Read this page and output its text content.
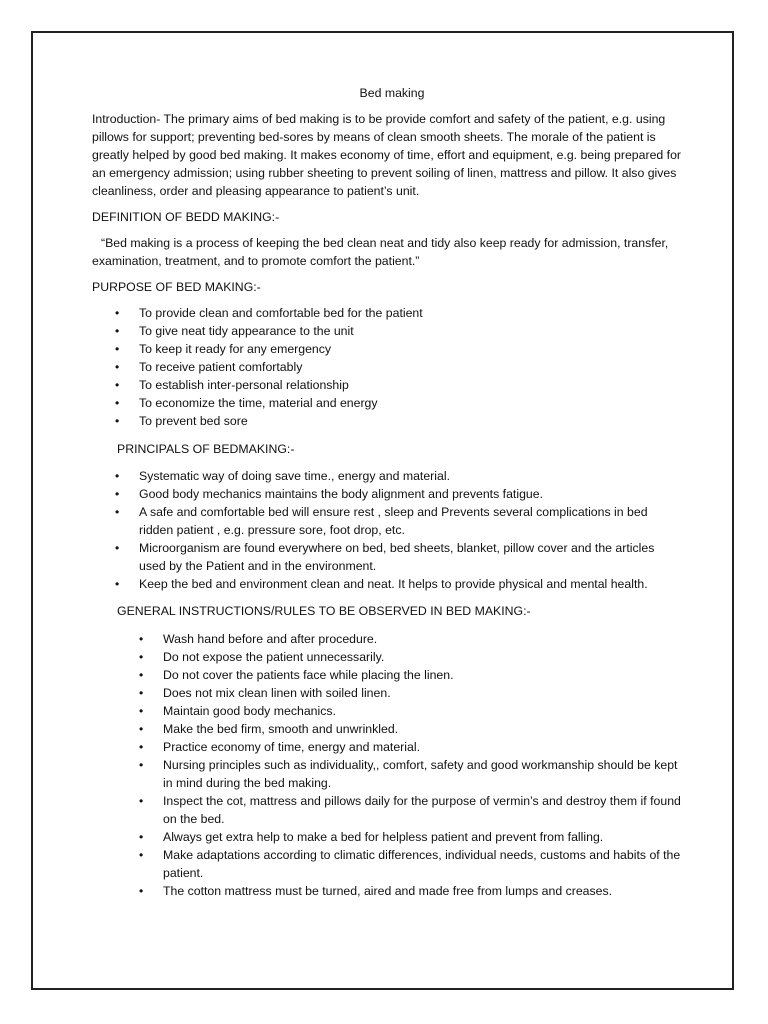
Bed making

Introduction- The primary aims of bed making is to be provide comfort and safety of the patient, e.g. using pillows for support; preventing bed-sores by means of clean smooth sheets. The morale of the patient is greatly helped by good bed making. It makes economy of time, effort and equipment, e.g. being prepared for an emergency admission; using rubber sheeting to prevent soiling of linen, mattress and pillow. It also gives cleanliness, order and pleasing appearance to patient’s unit.

DEFINITION OF BEDD MAKING:-

“Bed making is a process of keeping the bed clean neat and tidy also keep ready for admission, transfer, examination, treatment, and to promote comfort the patient.”

PURPOSE OF BED MAKING:-

• To provide clean and comfortable bed for the patient
• To give neat tidy appearance to the unit
• To keep it ready for any emergency
• To receive patient comfortably
• To establish inter-personal relationship
• To economize the time, material and energy
• To prevent bed sore

PRINCIPALS OF BEDMAKING:-

• Systematic way of doing save time., energy and material.
• Good body mechanics maintains the body alignment and prevents fatigue.
• A safe and comfortable bed will ensure rest , sleep and Prevents several complications in bed ridden patient , e.g. pressure sore, foot drop, etc.
• Microorganism are found everywhere on bed, bed sheets, blanket, pillow cover and the articles used by the Patient and in the environment.
• Keep the bed and environment clean and neat. It helps to provide physical and mental health.

GENERAL INSTRUCTIONS/RULES TO BE OBSERVED IN BED MAKING:-

• Wash hand before and after procedure.
• Do not expose the patient unnecessarily.
• Do not cover the patients face while placing the linen.
• Does not mix clean linen with soiled linen.
• Maintain good body mechanics.
• Make the bed firm, smooth and unwrinkled.
• Practice economy of time, energy and material.
• Nursing principles such as individuality,, comfort, safety and good workmanship should be kept in mind during the bed making.
• Inspect the cot, mattress and pillows daily for the purpose of vermin’s and destroy them if found on the bed.
• Always get extra help to make a bed for helpless patient and prevent from falling.
• Make adaptations according to climatic differences, individual needs, customs and habits of the patient.
• The cotton mattress must be turned, aired and made free from lumps and creases.
